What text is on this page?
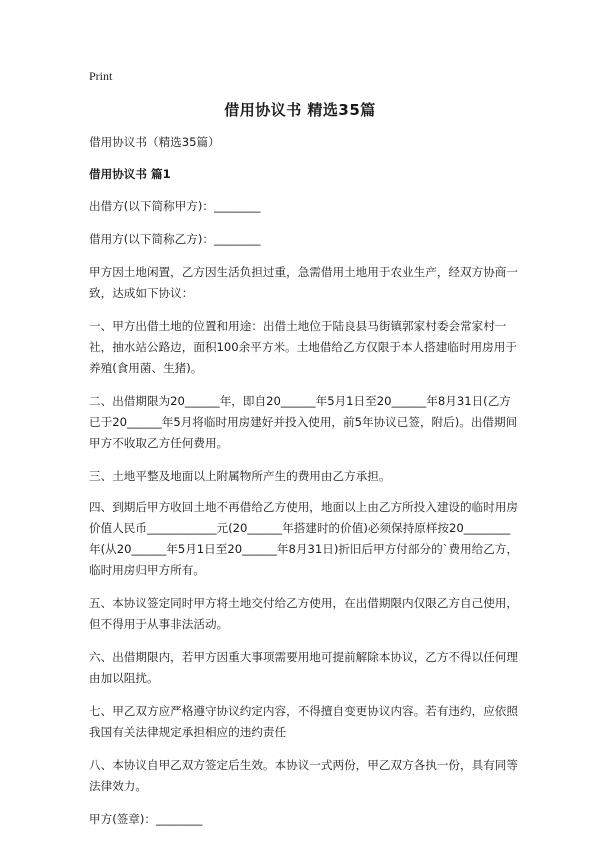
Print
借用协议书 精选35篇

借用协议书（精选35篇）

借用协议书 篇1

出借方(以下简称甲方)：________

借用方(以下简称乙方)：________

甲方因土地闲置，乙方因生活负担过重，急需借用土地用于农业生产，经双方协商一致，达成如下协议：

一、甲方出借土地的位置和用途：出借土地位于陆良县马街镇郭家村委会常家村一社，抽水站公路边，面积100余平方米。土地借给乙方仅限于本人搭建临时用房用于养殖(食用菌、生猪)。

二、出借期限为20______年，即自20______年5月1日至20______年8月31日(乙方已于20______年5月将临时用房建好并投入使用，前5年协议已签，附后)。出借期间甲方不收取乙方任何费用。

三、土地平整及地面以上附属物所产生的费用由乙方承担。

四、到期后甲方收回土地不再借给乙方使用，地面以上由乙方所投入建设的临时用房价值人民币____________元(20______年搭建时的价值)必须保持原样按20________年(从20______年5月1日至20______年8月31日)折旧后甲方付部分的`费用给乙方，临时用房归甲方所有。

五、本协议签定同时甲方将土地交付给乙方使用，在出借期限内仅限乙方自己使用，但不得用于从事非法活动。

六、出借期限内，若甲方因重大事项需要用地可提前解除本协议，乙方不得以任何理由加以阻扰。

七、甲乙双方应严格遵守协议约定内容，不得擅自变更协议内容。若有违约，应依照我国有关法律规定承担相应的违约责任

八、本协议自甲乙双方签定后生效。本协议一式两份，甲乙双方各执一份，具有同等法律效力。

甲方(签章)：________
